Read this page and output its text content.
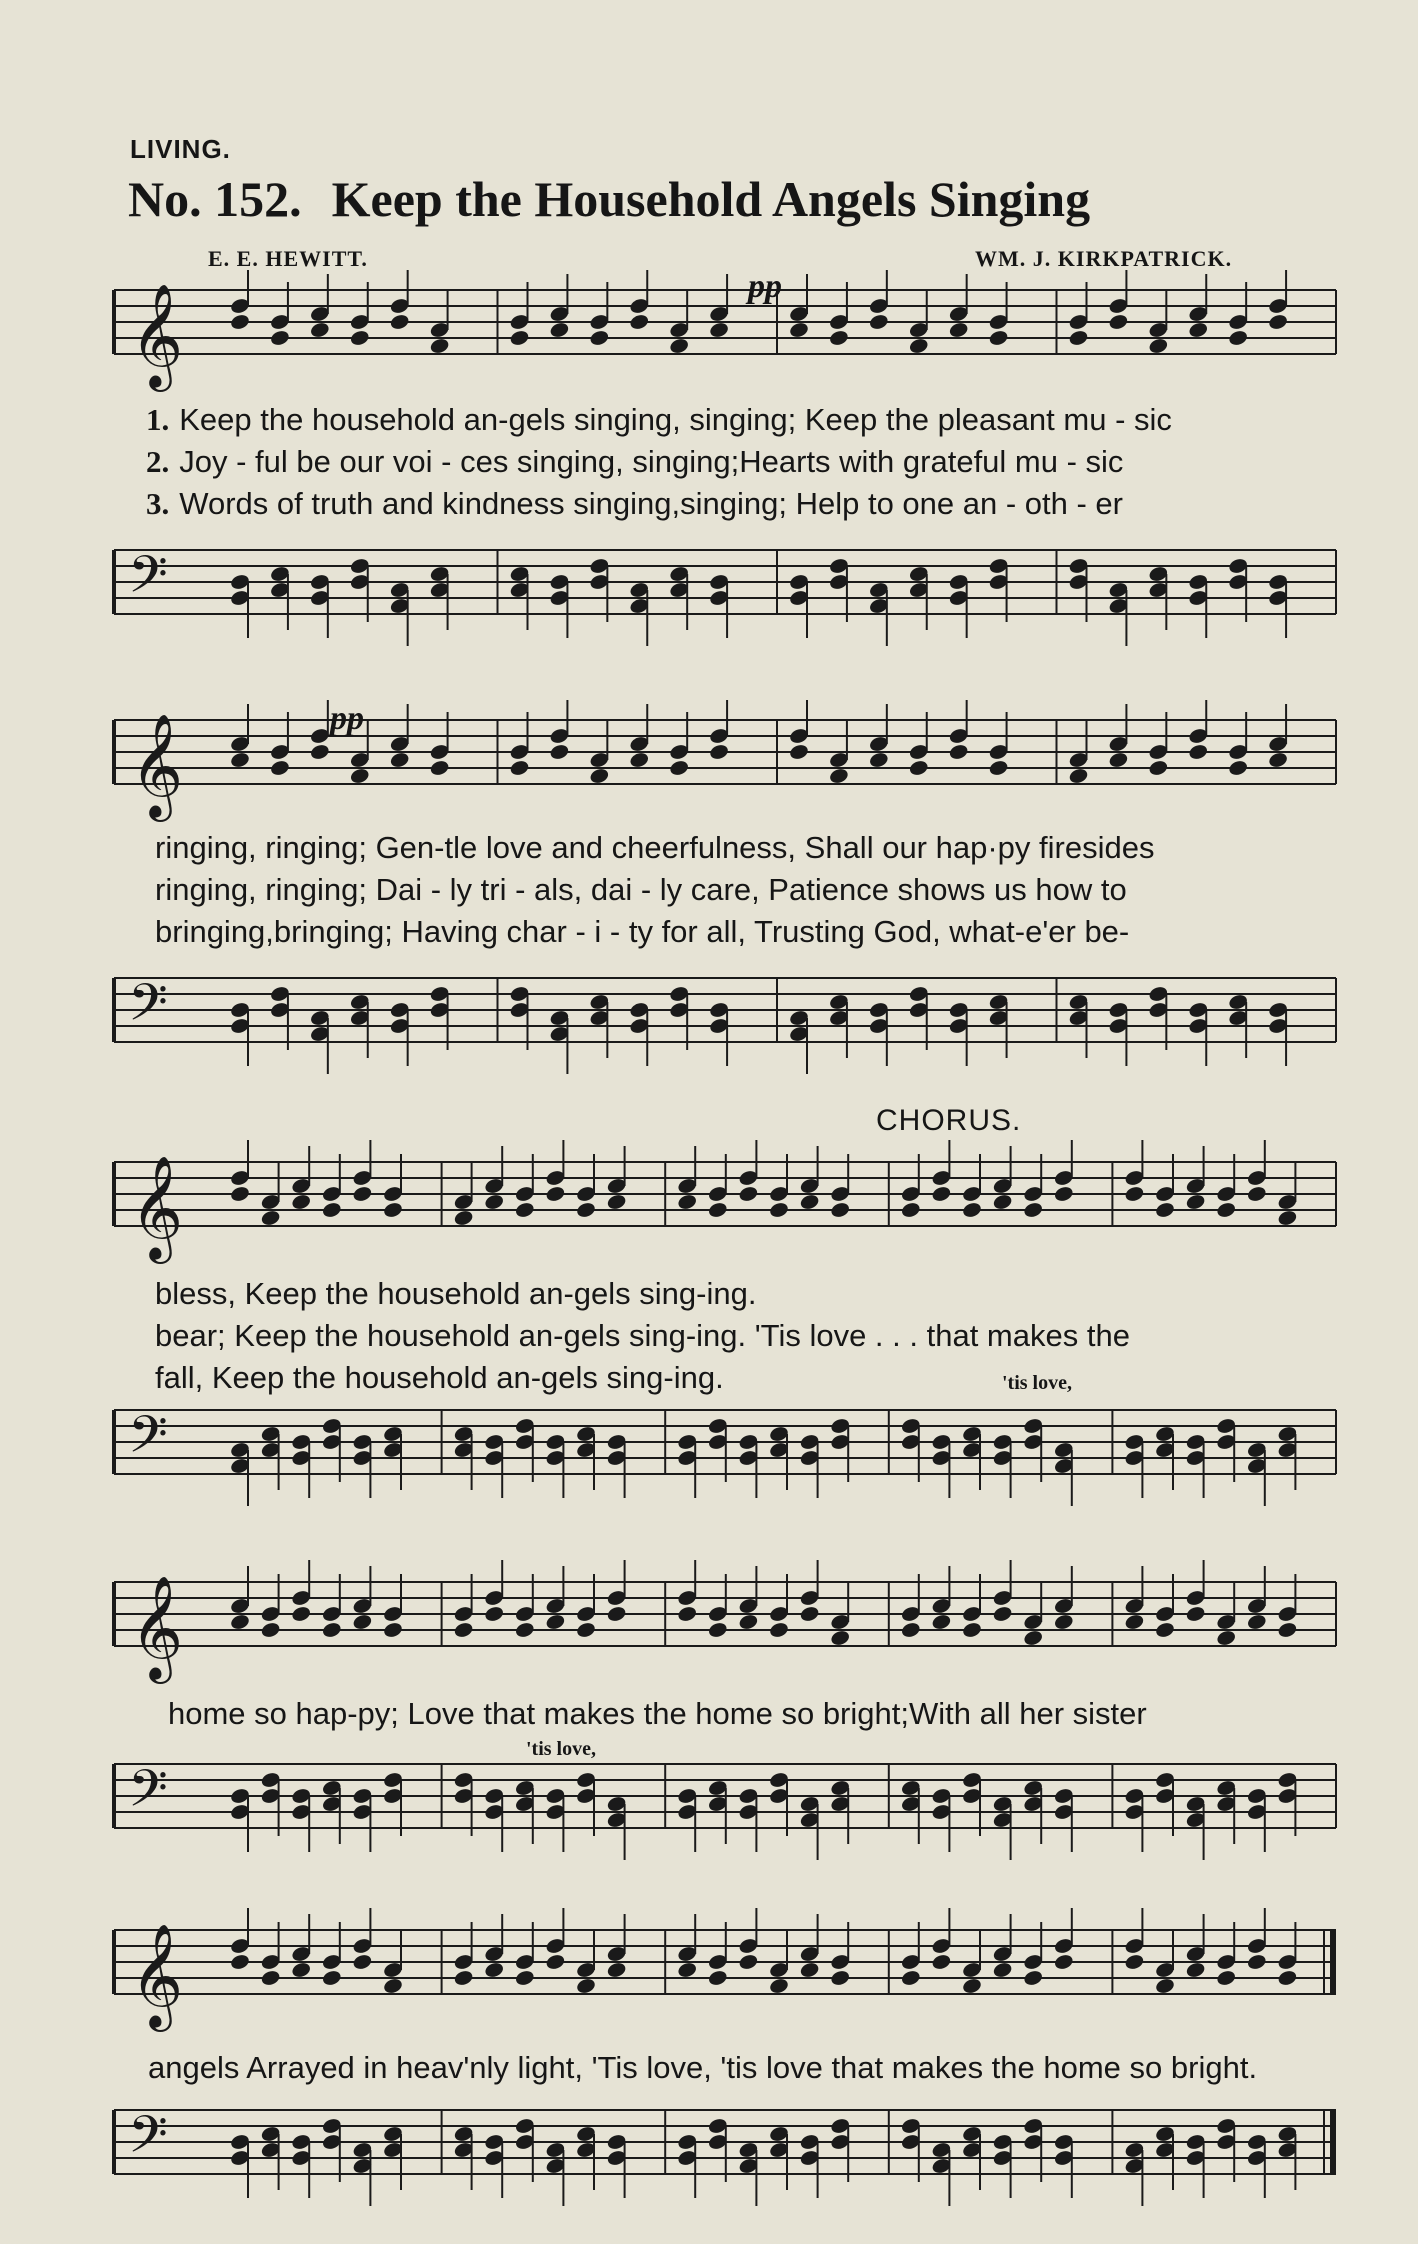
LIVING.
No. 152. Keep the Household Angels Singing
E. E. HEWITT.	WM. J. KIRKPATRICK.
𝄞
𝄢
pp
1. Keep the household an-gels singing, singing; Keep the pleasant mu - sic
2. Joy - ful be our voi - ces singing, singing;Hearts with grateful mu - sic
3. Words of truth and kindness singing,singing; Help to one an - oth - er
𝄞
𝄢
pp
ringing, ringing; Gen-tle love and cheerfulness, Shall our hap·py firesides
ringing, ringing; Dai - ly tri - als, dai - ly care, Patience shows us how to
bringing,bringing; Having char - i - ty for all, Trusting God, what-e'er be-
CHORUS.
𝄞
𝄢
bless, Keep the household an-gels sing-ing.
bear; Keep the household an-gels sing-ing. 'Tis love . . . that makes the
fall, Keep the household an-gels sing-ing.	'tis love,
𝄞
𝄢
home so hap-py; Love that makes the home so bright;With all her sister
'tis love,
𝄞
𝄢
angels Arrayed in heav'nly light, 'Tis love, 'tis love that makes the home so bright.
